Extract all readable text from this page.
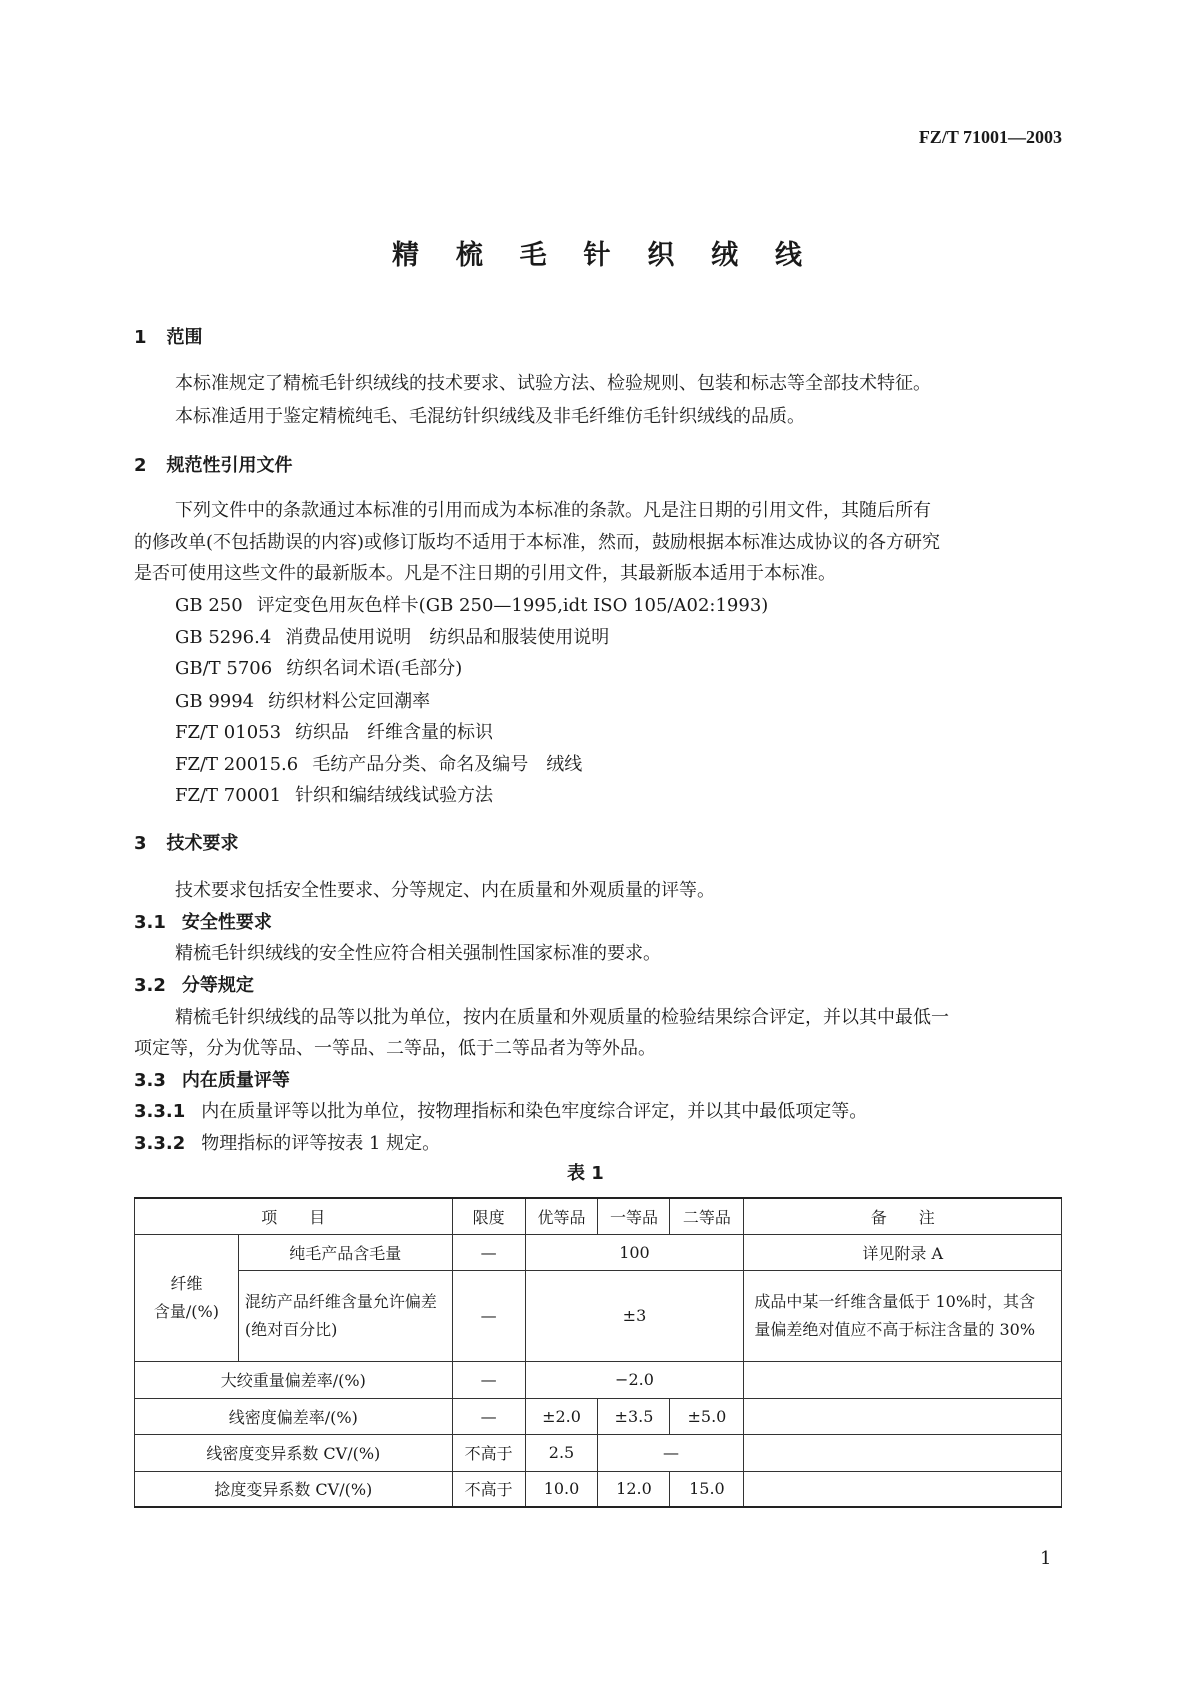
FZ/T 71001—2003
精 梳 毛 针 织 绒 线
1 范围
本标准规定了精梳毛针织绒线的技术要求、试验方法、检验规则、包装和标志等全部技术特征。
本标准适用于鉴定精梳纯毛、毛混纺针织绒线及非毛纤维仿毛针织绒线的品质。
2 规范性引用文件
下列文件中的条款通过本标准的引用而成为本标准的条款。凡是注日期的引用文件，其随后所有
的修改单(不包括勘误的内容)或修订版均不适用于本标准，然而，鼓励根据本标准达成协议的各方研究
是否可使用这些文件的最新版本。凡是不注日期的引用文件，其最新版本适用于本标准。
GB 250 评定变色用灰色样卡(GB 250—1995,idt ISO 105/A02:1993)
GB 5296.4 消费品使用说明　纺织品和服装使用说明
GB/T 5706 纺织名词术语(毛部分)
GB 9994 纺织材料公定回潮率
FZ/T 01053 纺织品　纤维含量的标识
FZ/T 20015.6 毛纺产品分类、命名及编号　绒线
FZ/T 70001 针织和编结绒线试验方法
3 技术要求
技术要求包括安全性要求、分等规定、内在质量和外观质量的评等。
3.1 安全性要求
精梳毛针织绒线的安全性应符合相关强制性国家标准的要求。
3.2 分等规定
精梳毛针织绒线的品等以批为单位，按内在质量和外观质量的检验结果综合评定，并以其中最低一
项定等，分为优等品、一等品、二等品，低于二等品者为等外品。
3.3 内在质量评等
3.3.1 内在质量评等以批为单位，按物理指标和染色牢度综合评定，并以其中最低项定等。
3.3.2 物理指标的评等按表 1 规定。
表 1
项　　目		限度	优等品	一等品	二等品	备　　注
纤维
含量/(%)	纯毛产品含毛量	—	100			详见附录 A
	混纺产品纤维含量允许偏差(绝对百分比)	—	±3			成品中某一纤维含量低于 10%时，其含量偏差绝对值应不高于标注含量的 30%
大绞重量偏差率/(%)		—	−2.0			
线密度偏差率/(%)		—	±2.0	±3.5	±5.0	
线密度变异系数 CV/(%)		不高于	2.5	—		
捻度变异系数 CV/(%)		不高于	10.0	12.0	15.0	
1
